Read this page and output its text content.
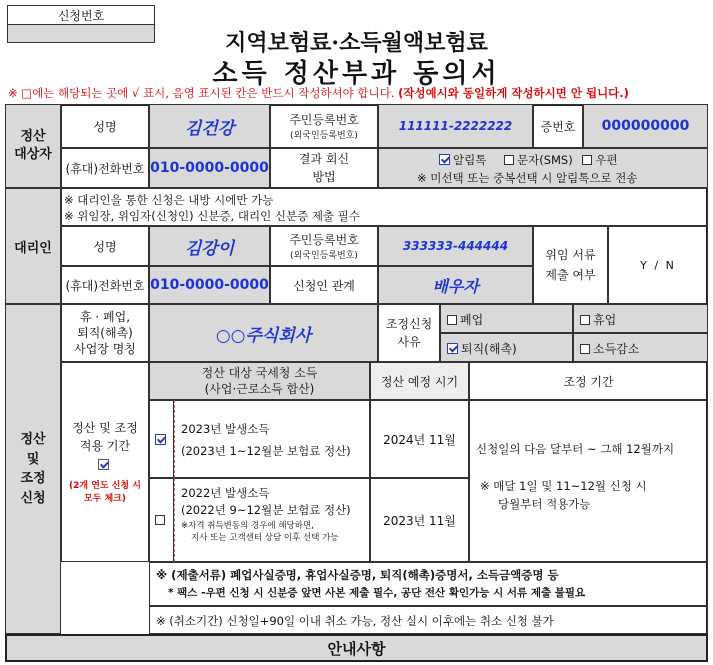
신청번호
지역보험료·소득월액보험료
소득 정산부과 동의서
※ □에는 해당되는 곳에 √ 표시, 음영 표시된 칸은 반드시 작성하셔야 합니다. (작성예시와 동일하게 작성하시면 안 됩니다.)
정산
대상자
성명	김건강	주민등록번호
(외국인등록번호)
111111-2222222	증번호	000000000
(휴대)전화번호 010-0000-0000
결과 회신
방법
알림톡	문자(SMS) 우편
※ 미선택 또는 중복선택 시 알림톡으로 전송
대리인
※ 대리인을 통한 신청은 내방 시에만 가능
※ 위임장, 위임자(신청인) 신분증, 대리인 신분증 제출 필수
성명	김강이	주민등록번호
(외국인등록번호)
333333-444444
위임 서류
제출 여부
Y / N
(휴대)전화번호 010-0000-0000	신청인 관계	배우자
정산
및
조정
신청
휴 · 폐업,
퇴직(해촉)
사업장 명칭
○○주식회사
조정신청
사유
폐업	휴업
퇴직(해촉)	소득감소
정산 및 조정
적용 기간
(2개 연도 신청 시
모두 체크)
정산 대상 국세청 소득
(사업·근로소득 합산)
정산 예정 시기	조정 기간
2023년 발생소득
(2023년 1~12월분 보험료 정산)
2024년 11월
2022년 발생소득
(2022년 9~12월분 보험료 정산)
※자격 취득변동의 경우에 해당하면,
지사 또는 고객센터 상담 이후 선택 가능
2023년 11월
신청일의 다음 달부터 ~ 그해 12월까지
※ 매달 1일 및 11~12월 신청 시
당월부터 적용가능
※ (제출서류) 폐업사실증명, 휴업사실증명, 퇴직(해촉)증명서, 소득금액증명 등
* 팩스 -우편 신청 시 신분증 앞면 사본 제출 필수, 공단 전산 확인가능 시 서류 제출 불필요
※ (취소기간) 신청일+90일 이내 취소 가능, 정산 실시 이후에는 취소 신청 불가
안내사항
